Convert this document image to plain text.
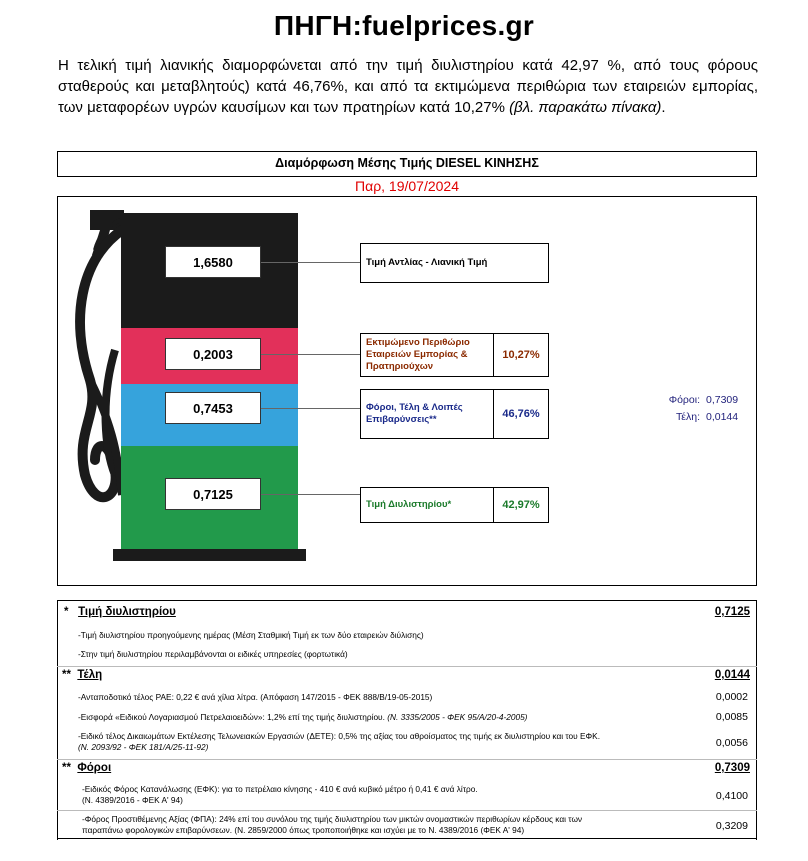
ΠΗΓΗ:fuelprices.gr
Η τελική τιμή λιανικής διαμορφώνεται από την τιμή διυλιστηρίου κατά 42,97 %, από τους φόρους σταθερούς και μεταβλητούς) κατά 46,76%, και από τα εκτιμώμενα περιθώρια των εταιρειών εμπορίας, των μεταφορέων υγρών καυσίμων και των πρατηρίων κατά 10,27% (βλ. παρακάτω πίνακα).
Διαμόρφωση Μέσης Τιμής DIESEL ΚΙΝΗΣΗΣ
Παρ, 19/07/2024
1,6580
0,2003
0,7453
0,7125
Τιμή Αντλίας - Λιανική Τιμή
Εκτιμώμενο Περιθώριο Εταιρειών Εμπορίας & Πρατηριούχων
10,27%
Φόροι, Τέλη & Λοιπές Επιβαρύνσεις**	46,76%
Τιμή Διυλιστηρίου*	42,97%
Φόροι: 0,7309
Τέλη: 0,0144
* Τιμή διυλιστηρίου	0,7125
-Τιμή διυλιστηρίου προηγούμενης ημέρας (Μέση Σταθμική Τιμή εκ των δύο εταιρειών διύλισης)
-Στην τιμή διυλιστηρίου περιλαμβάνονται οι ειδικές υπηρεσίες (φορτωτικά)
** Τέλη	0,0144
-Ανταποδοτικό τέλος ΡΑΕ: 0,22 € ανά χίλια λίτρα. (Απόφαση 147/2015 - ΦΕΚ 888/Β/19-05-2015)	0,0002
-Εισφορά «Ειδικού Λογαριασμού Πετρελαιοειδών»: 1,2% επί της τιμής διυλιστηρίου. (Ν. 3335/2005 - ΦΕΚ 95/Α/20-4-2005)	0,0085
-Ειδικό τέλος Δικαιωμάτων Εκτέλεσης Τελωνειακών Εργασιών (ΔΕΤΕ): 0,5% της αξίας του αθροίσματος της τιμής εκ διυλιστηρίου και του ΕΦΚ.
(Ν. 2093/92 - ΦΕΚ 181/Α/25-11-92)	0,0056
** Φόροι	0,7309
-Ειδικός Φόρος Κατανάλωσης (ΕΦΚ): για το πετρέλαιο κίνησης - 410 € ανά κυβικό μέτρο ή 0,41 € ανά λίτρο.
(Ν. 4389/2016 - ΦΕΚ Α' 94)	0,4100
-Φόρος Προστιθέμενης Αξίας (ΦΠΑ): 24% επί του συνόλου της τιμής διυλιστηρίου των μικτών ονομαστικών περιθωρίων κέρδους και των
παραπάνω φορολογικών επιβαρύνσεων. (Ν. 2859/2000 όπως τροποποιήθηκε και ισχύει με το Ν. 4389/2016 (ΦΕΚ Α' 94)	0,3209
